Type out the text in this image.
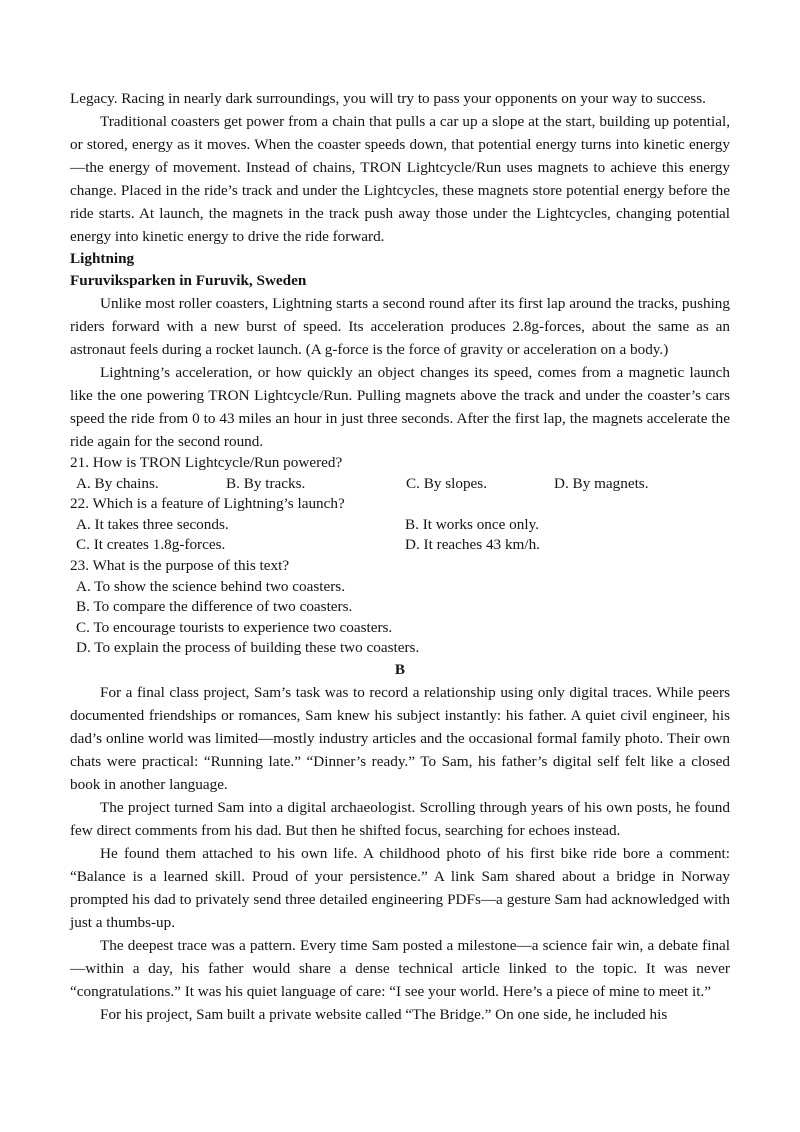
Legacy. Racing in nearly dark surroundings, you will try to pass your opponents on your way to success.

Traditional coasters get power from a chain that pulls a car up a slope at the start, building up potential, or stored, energy as it moves. When the coaster speeds down, that potential energy turns into kinetic energy—the energy of movement. Instead of chains, TRON Lightcycle/Run uses magnets to achieve this energy change. Placed in the ride’s track and under the Lightcycles, these magnets store potential energy before the ride starts. At launch, the magnets in the track push away those under the Lightcycles, changing potential energy into kinetic energy to drive the ride forward.

Lightning
Furuviksparken in Furuvik, Sweden

Unlike most roller coasters, Lightning starts a second round after its first lap around the tracks, pushing riders forward with a new burst of speed. Its acceleration produces 2.8g-forces, about the same as an astronaut feels during a rocket launch. (A g-force is the force of gravity or acceleration on a body.)

Lightning’s acceleration, or how quickly an object changes its speed, comes from a magnetic launch like the one powering TRON Lightcycle/Run. Pulling magnets above the track and under the coaster’s cars speed the ride from 0 to 43 miles an hour in just three seconds. After the first lap, the magnets accelerate the ride again for the second round.

21. How is TRON Lightcycle/Run powered?
A. By chains.	B. By tracks.	C. By slopes.	D. By magnets.
22. Which is a feature of Lightning’s launch?
A. It takes three seconds.	B. It works once only.
C. It creates 1.8g-forces.	D. It reaches 43 km/h.
23. What is the purpose of this text?
A. To show the science behind two coasters.
B. To compare the difference of two coasters.
C. To encourage tourists to experience two coasters.
D. To explain the process of building these two coasters.
B

For a final class project, Sam’s task was to record a relationship using only digital traces. While peers documented friendships or romances, Sam knew his subject instantly: his father. A quiet civil engineer, his dad’s online world was limited—mostly industry articles and the occasional formal family photo. Their own chats were practical: “Running late.” “Dinner’s ready.” To Sam, his father’s digital self felt like a closed book in another language.

The project turned Sam into a digital archaeologist. Scrolling through years of his own posts, he found few direct comments from his dad. But then he shifted focus, searching for echoes instead.

He found them attached to his own life. A childhood photo of his first bike ride bore a comment: “Balance is a learned skill. Proud of your persistence.” A link Sam shared about a bridge in Norway prompted his dad to privately send three detailed engineering PDFs—a gesture Sam had acknowledged with just a thumbs-up.

The deepest trace was a pattern. Every time Sam posted a milestone—a science fair win, a debate final—within a day, his father would share a dense technical article linked to the topic. It was never “congratulations.” It was his quiet language of care: “I see your world. Here’s a piece of mine to meet it.”

For his project, Sam built a private website called “The Bridge.” On one side, he included his
